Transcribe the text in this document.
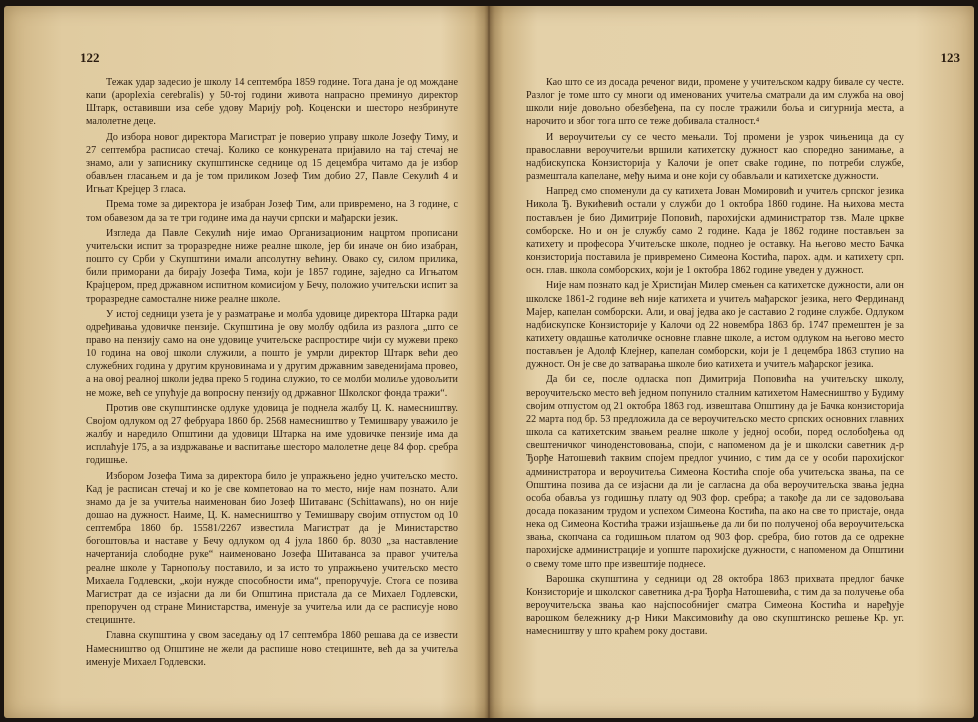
122

Тежак удар задесио је школу 14 септембра 1859 године. Тога дана је од мождане капи (apoplexia cerebralis) у 50-тој години живота напрасно преминуо директор Штарк, оставивши иза себе удову Марију рођ. Коценски и шесторо незбринуте малолетне деце.

До избора новог директора Магистрат је поверио управу школе Јозефу Тиму, и 27 септембра расписао стечај. Колико се конкурената пријавило на тај стечај не знамо, али у записнику скупштинске седнице од 15 децембра читамо да је избор обављен гласањем и да је том приликом Јозеф Тим добио 27, Павле Секулић 4 и Игњат Крејцер 3 гласа.

Према томе за директора је изабран Јозеф Тим, али привремено, на 3 године, с том обавезом да за те три године има да научи српски и мађарски језик.

Изгледа да Павле Секулић није имао Организационим нацртом прописани учитељски испит за троразредне ниже реалне школе, јер би иначе он био изабран, пошто су Срби у Скупштини имали апсолутну већину. Овако су, силом прилика, били приморани да бирају Јозефа Тима, који је 1857 године, заједно са Игњатом Крајцером, пред државном испитном комисијом у Бечу, положио учитељски испит за троразредне самосталне ниже реалне школе.

У истој седници узета је у разматрање и молба удовице директора Штарка ради одређивања удовичке пензије. Скупштина је ову молбу одбила из разлога „што се право на пензију само на оне удовице учитељске распростире чији су мужеви преко 10 година на овој школи служили, а пошто је умрли директор Штарк већи део служебних година у другим круновинама и у другим државним заведенијама провео, а на овој реалној школи једва преко 5 година служио, то се молби молиље удовољити не може, већ се упућује да вопросну пензију од државног Школског фонда тражи“.

Против ове скупштинске одлуке удовица је поднела жалбу Ц. К. намесништву. Својом одлуком од 27 фебруара 1860 бр. 2568 намесништво у Темишвару уважило је жалбу и наредило Општини да удовици Штарка на име удовичке пензије има да исплаћује 175, а за издржавање и васпитање шесторо малолетне деце 84 фор. сребра годишње.

Избором Јозефа Тима за директора било је упражњено једно учитељско место. Кад је расписан стечај и ко је све компетовао на то место, није нам познато. Али знамо да је за учитеља наименован био Јозеф Шитаванс (Schittawans), но он није дошао на дужност. Наиме, Ц. К. намесништво у Темишвару својим отпустом од 10 септембра 1860 бр. 15581/2267 известила Магистрат да је Министарство богоштовља и наставе у Бечу одлуком од 4 јула 1860 бр. 8030 „за наставление начертанија слободне руке“ наименовано Јозефа Шитаванса за правог учитеља реалне школе у Тарнопољу поставило, и за исто то упражњено учитељско место Михаела Годлевски, „који нужде способности има“, препоручује. Стога се позива Магистрат да се изјасни да ли би Општина пристала да се Михаел Годлевски, препоручен од стране Министарства, именује за учитеља или да се расписује ново стецишнте.

Главна скупштина у свом заседању од 17 септембра 1860 решава да се извести Намесништво од Општине не жели да распише ново стецишнте, већ да за учитеља именује Михаел Годлевски.

123

Као што се из досада реченог види, промене у учитељском кадру бивале су честе. Разлог је томе што су многи од именованих учитеља сматрали да им служба на овој школи није довољно обезбеђена, па су после тражили бољa и сигурнија места, а нарочито и због тога што се теже добивала сталност.⁴

И вероучитељи су се често мењали. Тој промени је узрок чињеница да су православни вероучитељи вршили катихетску дужност као споредно занимање, а надбискупска Конзисторија у Калочи је опет свake године, по потреби службе, размештала капелане, међу њима и оне који су обављали и катихетске дужности.

Напред смо споменули да су катихета Јован Момировић и учитељ српског језика Никола Ђ. Вукићевић остали у служби до 1 октобра 1860 године. На њихова места постављен је био Димитрије Поповић, парохијски администратор тзв. Мале цркве сомборске. Но и он је службу само 2 године. Када је 1862 године постављен за катихету и професора Учитељске школе, поднео је оставку. На његово место Бачка конзисторија поставила је привремено Симеона Костића, парох. адм. и катихету срп. осн. глав. школа сомборских, који је 1 октобра 1862 године уведен у дужност.

Није нам познато кад је Христијан Милер смењен са катихетске дужности, али он школске 1861-2 године већ није катихета и учитељ мађарског језика, него Фердинанд Мајер, капелан сомборски. Али, и овај једва ако је саставио 2 године службе. Одлуком надбискупске Конзисторије у Калочи од 22 новембра 1863 бр. 1747 премештен је за катихету овдашње католичке основне главне школе, а истом одлуком на његово место постављен је Адолф Клејнер, капелан сомборски, који је 1 децембра 1863 ступио на дужност. Он је све до затварања школе био катихета и учитељ мађарског језика.

Да би се, после одласка поп Димитрија Поповића на учитељску школу, вероучитељско место већ једном попунило сталним катихетом Намесништво у Будиму својим отпустом од 21 октобра 1863 год. извештава Општину да је Бачка конзисторија 22 марта под бр. 53 предложила да се вероучитељско место српских основних главних школа са катихетским звањем реалне школе у једној особи, поред ослобођења од свештеничког чиноденстововања, споји, с напоменом да је и школски саветник д-р Ђорђе Натошевић таквим спојем предлог учинио, с тим да се у особи парохијског администратора и вероучитеља Симеона Костића споје оба учитељска звања, па се Општина позива да се изјасни да ли је сагласна да оба вероучитељска звања једна особа обавља уз годишњу плату од 903 фор. сребра; а такође да ли се задовољава досада показаним трудом и успехом Симеона Костића, па ако на све то пристаје, онда нека од Симеона Костића тражи изјашњење да ли би по полученој оба вероучитељска звања, скопчана са годишњом платом од 903 фор. сребра, био готов да се одрекне парохијске администрације и уопште парохијске дужности, с напоменом да Општини о свему томе што пре извештије поднесе.

Варошка скупштина у седници од 28 октобра 1863 прихвата предлог бачке Конзисторије и школског саветника д-ра Ђорђа Натошевића, с тим да за получење оба вероучитељска звања као најспособнијег сматра Симеона Костића и наређује варошком бележнику д-р Ники Максимовићу да ово скупштинско решење Кр. уг. намесништву у што краћем року достави.
